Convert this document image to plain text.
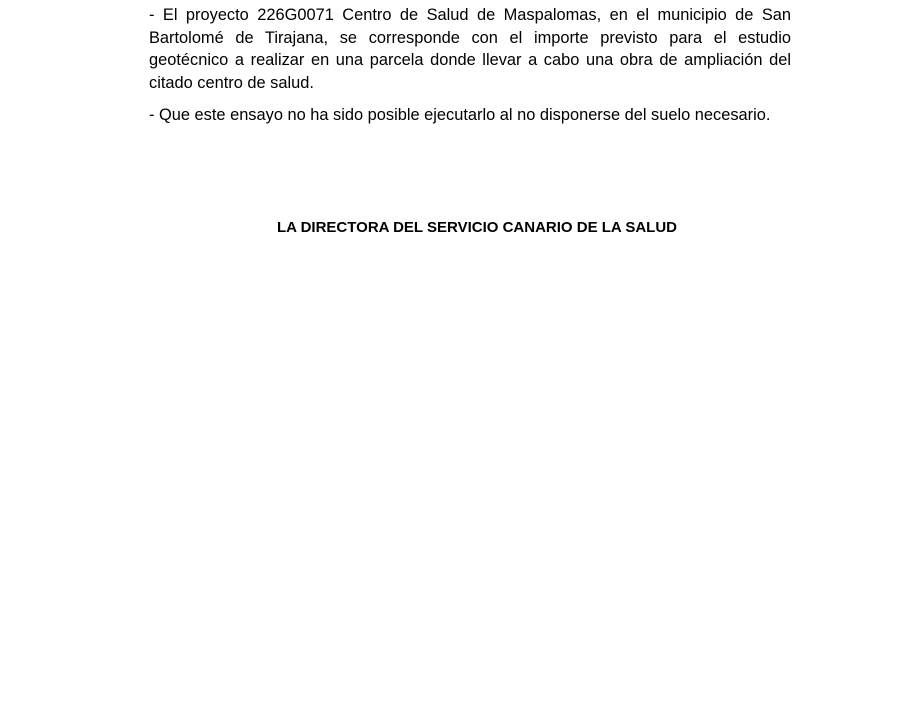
- El proyecto 226G0071 Centro de Salud de Maspalomas, en el municipio de San Bartolomé de Tirajana, se corresponde con el importe previsto para el estudio geotécnico a realizar en una parcela donde llevar a cabo una obra de ampliación del citado centro de salud.

- Que este ensayo no ha sido posible ejecutarlo al no disponerse del suelo necesario.

LA DIRECTORA DEL SERVICIO CANARIO DE LA SALUD
